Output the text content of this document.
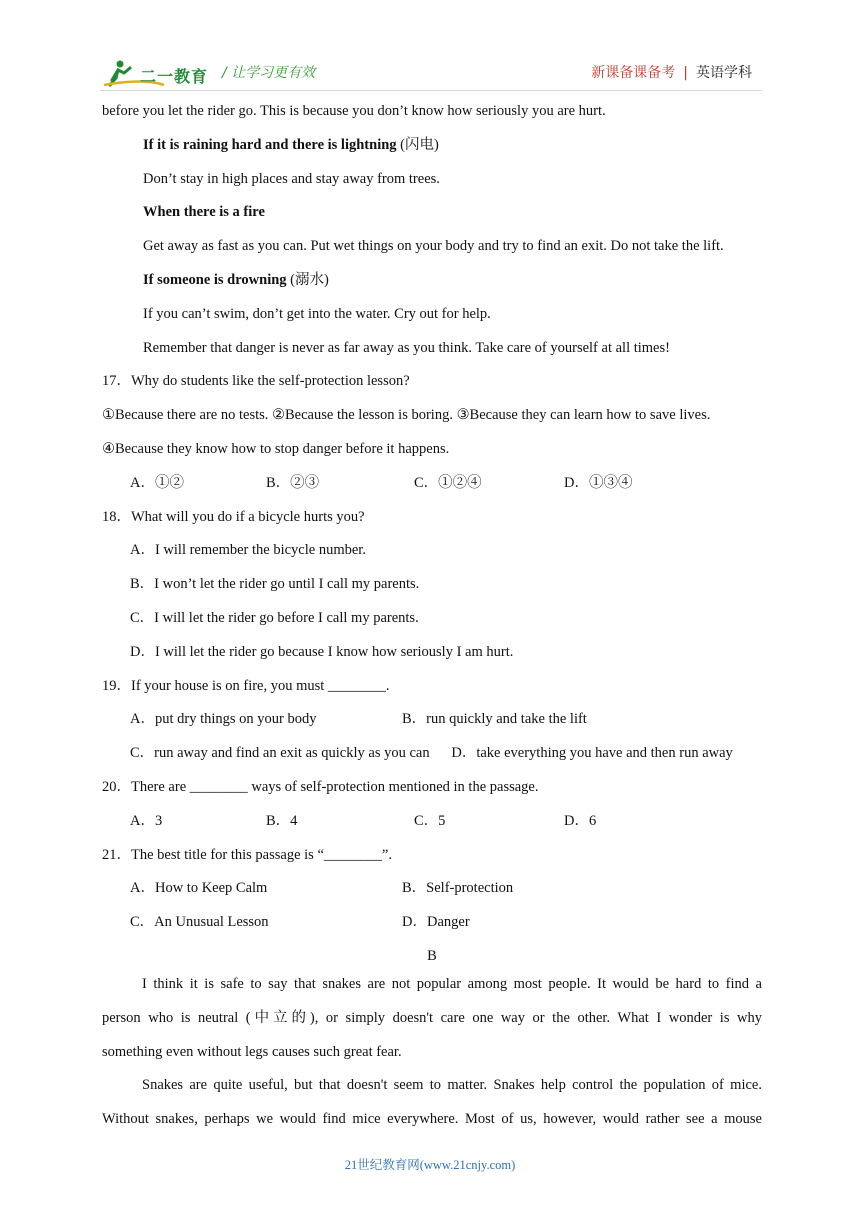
二一教育 / 让学习更有效	新课备课备考 | 英语学科
before you let the rider go. This is because you don’t know how seriously you are hurt.
If it is raining hard and there is lightning (闪电)
Don’t stay in high places and stay away from trees.
When there is a fire
Get away as fast as you can. Put wet things on your body and try to find an exit. Do not take the lift.
If someone is drowning (溺水)
If you can’t swim, don’t get into the water. Cry out for help.
Remember that danger is never as far away as you think. Take care of yourself at all times!
17．Why do students like the self-protection lesson?
①Because there are no tests. ②Because the lesson is boring. ③Because they can learn how to save lives.
④Because they know how to stop danger before it happens.
A．①②	B．②③	C．①②④	D．①③④
18．What will you do if a bicycle hurts you?
A．I will remember the bicycle number.
B．I won’t let the rider go until I call my parents.
C．I will let the rider go before I call my parents.
D．I will let the rider go because I know how seriously I am hurt.
19．If your house is on fire, you must ________.
A．put dry things on your body	B．run quickly and take the lift
C．run away and find an exit as quickly as you can D．take everything you have and then run away
20．There are ________ ways of self-protection mentioned in the passage.
A．3	B．4	C．5	D．6
21．The best title for this passage is “________”.
A．How to Keep Calm	B．Self-protection
C．An Unusual Lesson	D．Danger
B
I think it is safe to say that snakes are not popular among most people. It would be hard to find a
person who is neutral (中立的), or simply doesn't care one way or the other. What I wonder is why
something even without legs causes such great fear.
Snakes are quite useful, but that doesn't seem to matter. Snakes help control the population of mice.
Without snakes, perhaps we would find mice everywhere. Most of us, however, would rather see a mouse
21世纪教育网(www.21cnjy.com)
